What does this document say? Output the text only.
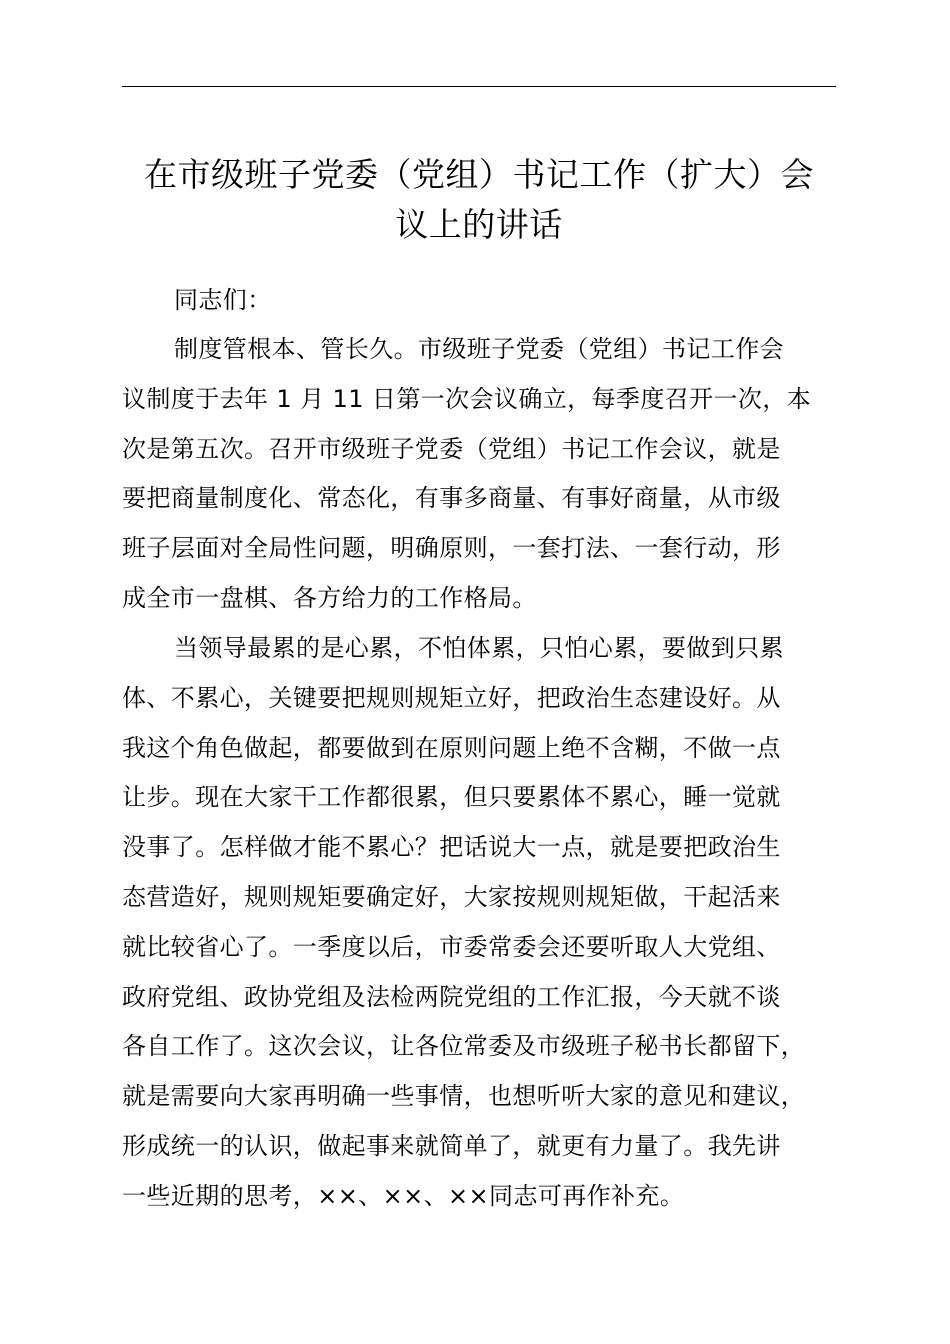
在市级班子党委（党组）书记工作（扩大）会
议上的讲话
同志们：
制度管根本、管长久。市级班子党委（党组）书记工作会
议制度于去年 1 月 11 日第一次会议确立，每季度召开一次，本
次是第五次。召开市级班子党委（党组）书记工作会议，就是
要把商量制度化、常态化，有事多商量、有事好商量，从市级
班子层面对全局性问题，明确原则，一套打法、一套行动，形
成全市一盘棋、各方给力的工作格局。
当领导最累的是心累，不怕体累，只怕心累，要做到只累
体、不累心，关键要把规则规矩立好，把政治生态建设好。从
我这个角色做起，都要做到在原则问题上绝不含糊，不做一点
让步。现在大家干工作都很累，但只要累体不累心，睡一觉就
没事了。怎样做才能不累心？把话说大一点，就是要把政治生
态营造好，规则规矩要确定好，大家按规则规矩做，干起活来
就比较省心了。一季度以后，市委常委会还要听取人大党组、
政府党组、政协党组及法检两院党组的工作汇报，今天就不谈
各自工作了。这次会议，让各位常委及市级班子秘书长都留下，
就是需要向大家再明确一些事情，也想听听大家的意见和建议，
形成统一的认识，做起事来就简单了，就更有力量了。我先讲
一些近期的思考，××、××、××同志可再作补充。
